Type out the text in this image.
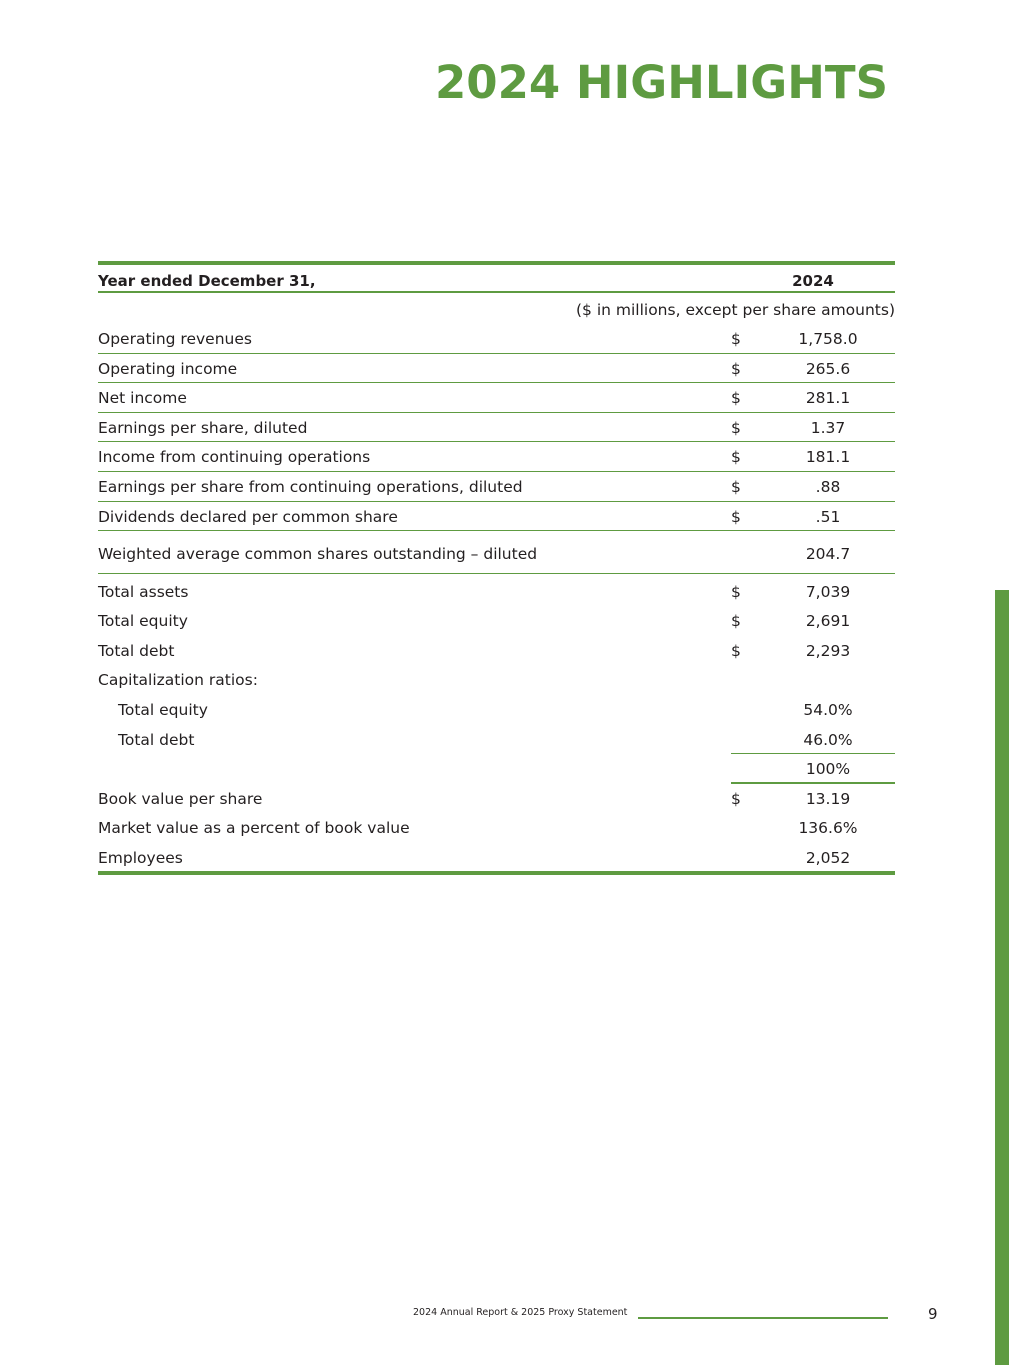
2024 HIGHLIGHTS
Year ended December 31,	2024
($ in millions, except per share amounts)
Operating revenues	$	1,758.0
Operating income	$	265.6
Net income	$	281.1
Earnings per share, diluted	$	1.37
Income from continuing operations	$	181.1
Earnings per share from continuing operations, diluted	$	.88
Dividends declared per common share	$	.51
Weighted average common shares outstanding – diluted	204.7
Total assets	$	7,039
Total equity	$	2,691
Total debt	$	2,293
Capitalization ratios:
Total equity	54.0%
Total debt	46.0%
100%
Book value per share	$	13.19
Market value as a percent of book value	136.6%
Employees	2,052
2024 Annual Report & 2025 Proxy Statement	9
